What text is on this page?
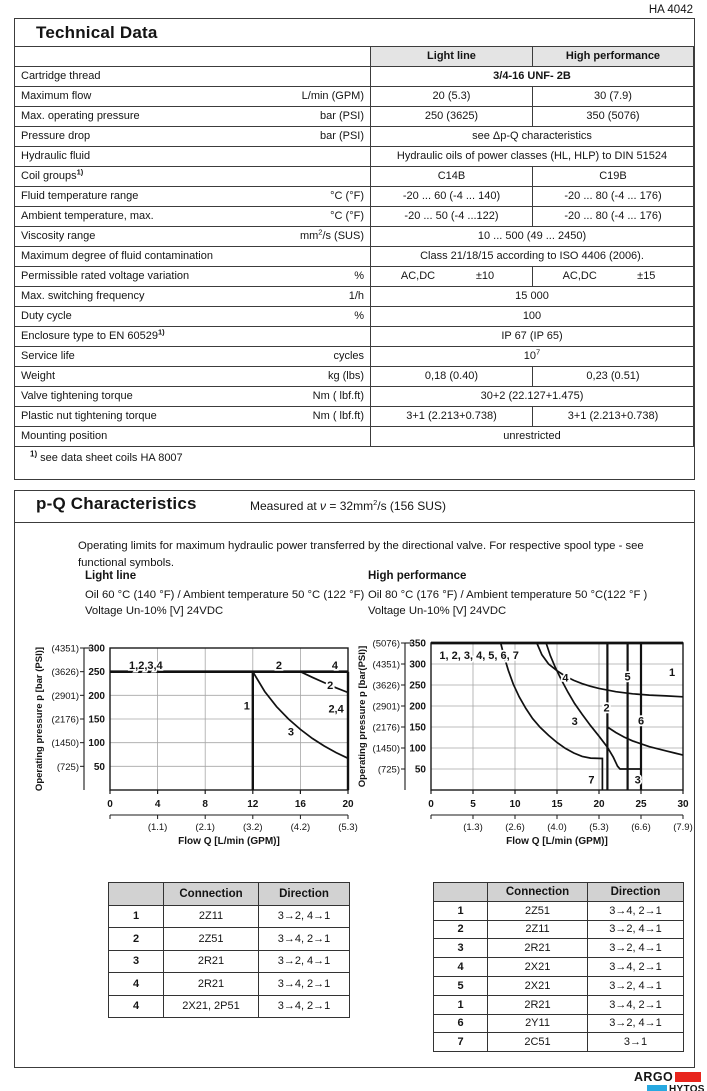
HA 4042
Technical Data
	Light line	High performance
Cartridge thread	3/4-16 UNF- 2B	
Maximum flow L/min (GPM)	20 (5.3)	30 (7.9)
Max. operating pressure bar (PSI)	250 (3625)	350 (5076)
Pressure drop bar (PSI)	see Δp-Q characteristics	
Hydraulic fluid	Hydraulic oils of power classes (HL, HLP) to DIN 51524	
Coil groups$^{1)}$	C14B	C19B
Fluid temperature range °C (°F)	-20 ... 60 (-4 ... 140)	-20 ... 80 (-4 ... 176)
Ambient temperature, max. °C (°F)	-20 ... 50 (-4 ...122)	-20 ... 80 (-4 ... 176)
Viscosity range $mm^2/s$ (SUS)	10 ... 500 (49 ... 2450)	
Maximum degree of fluid contamination	Class 21/18/15 according to ISO 4406 (2006).	
Permissible rated voltage variation %	AC,DC ±10	AC,DC ±15
Max. switching frequency 1/h	15 000	
Duty cycle %	100	
Enclosure type to EN 60529$^{1)}$	IP 67 (IP 65)	
Service life cycles	$10^7$
Weight kg (lbs)	0,18 (0.40)	0,23 (0.51)
Valve tightening torque Nm ( lbf.ft)	30+2 (22.127+1.475)	
Plastic nut tightening torque Nm ( lbf.ft)	3+1 (2.213+0.738)	3+1 (2.213+0.738)
Mounting position	unrestricted	
$^{1)}$ see data sheet coils HA 8007
p-Q Characteristics	Measured at $\nu = 32mm^2/s$ (156 SUS)
Operating limits for maximum hydraulic power transferred by the directional valve. For respective spool type - see functional symbols.
Light line
Oil 60 °C (140 °F) / Ambient temperature 50 °C (122 °F)
Voltage Un-10% [V] 24VDC
High performance
Oil 80 °C (176 °F) / Ambient temperature 50 °C(122 °F )
Voltage Un-10% [V] 24VDC
0	4	8	12	16	20
(1.1)	(2.1)	(3.2)	(4.2)	(5.3)
Flow Q [L/min (GPM)]
50
(725)
100
(1450)
150
(2176)
200
(2901)
250
(3626)
300
(4351)
Operating pressure p [bar (PSI)]	1,2,3,4	2	4
1
2
2,4
3
0	5	10	15	20	25	30
(1.3) (2.6) (4.0) (5.3) (6.6) (7.9)
Flow Q [L/min (GPM)]
50
(725)
100
(1450)
150
(2176)
200
(2901)
250
(3626)
300
(4351)
350
(5076)
Operating pressure p [bar(PSI)]	1, 2, 3, 4, 5, 6, 7
4	5	1
2
3	6
7	3
	Connection	Direction
1	2Z11	3→2, 4→1
2	2Z51	3→4, 2→1
3	2R21	3→2, 4→1
4	2R21	3→4, 2→1
4	2X21, 2P51	3→4, 2→1
	Connection	Direction
1	2Z51	3→4, 2→1
2	2Z11	3→2, 4→1
3	2R21	3→2, 4→1
4	2X21	3→4, 2→1
5	2X21	3→2, 4→1
1	2R21	3→4, 2→1
6	2Y11	3→2, 4→1
7	2C51	3→1
ARGO
HYTOS
